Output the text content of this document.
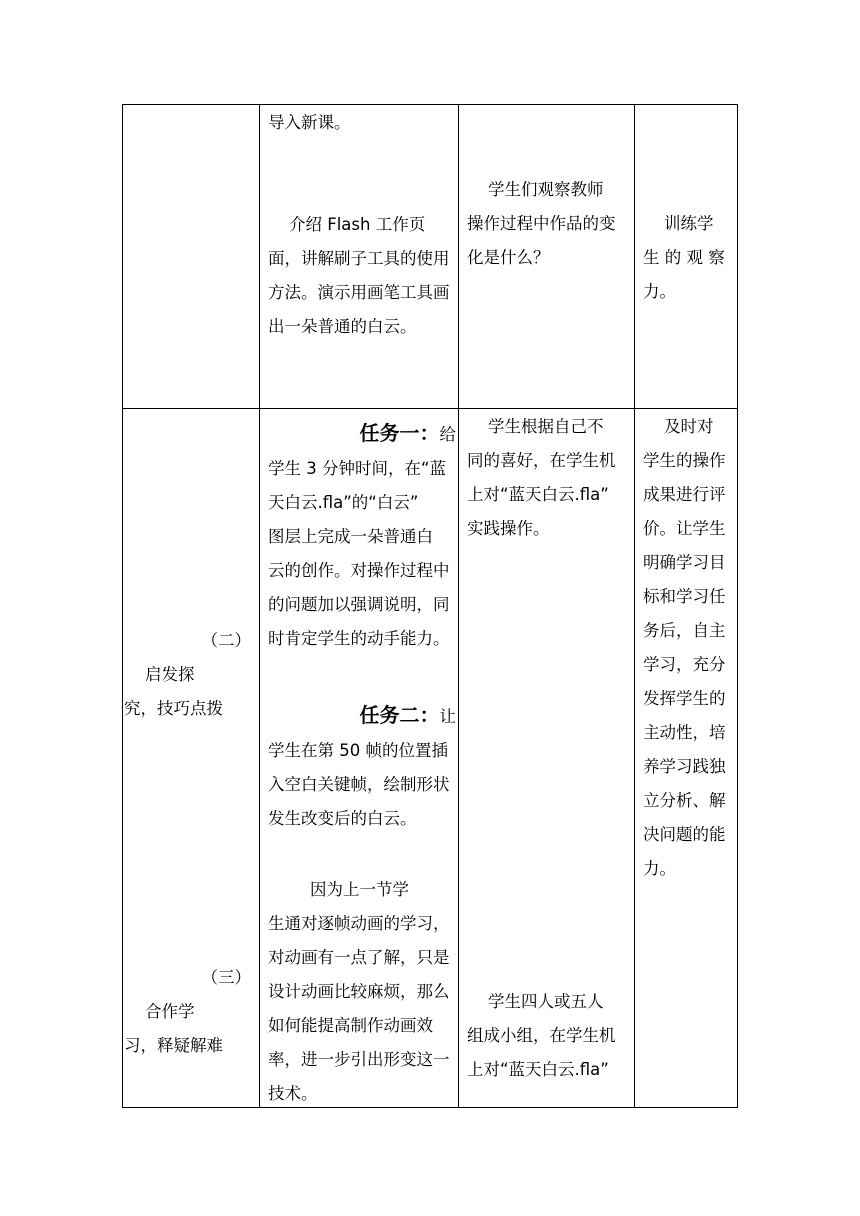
导入新课。

介绍 Flash 工作页

面，讲解刷子工具的使用

方法。演示用画笔工具画

出一朵普通的白云。

学生们观察教师

操作过程中作品的变

化是什么？

训练学

生 的 观 察

力。

（二）

启发探

究，技巧点拨

（三）

合作学

习，释疑解难

任务一：给

学生 3 分钟时间，在“蓝

天白云.fla”的“白云”

图层上完成一朵普通白

云的创作。对操作过程中

的问题加以强调说明，同

时肯定学生的动手能力。

任务二：让

学生在第 50 帧的位置插

入空白关键帧，绘制形状

发生改变后的白云。

因为上一节学

生通对逐帧动画的学习，

对动画有一点了解，只是

设计动画比较麻烦，那么

如何能提高制作动画效

率，进一步引出形变这一

技术。

学生根据自己不

同的喜好，在学生机

上对“蓝天白云.fla”

实践操作。

学生四人或五人

组成小组，在学生机

上对“蓝天白云.fla”

及时对

学生的操作

成果进行评

价。让学生

明确学习目

标和学习任

务后，自主

学习，充分

发挥学生的

主动性，培

养学习践独

立分析、解

决问题的能

力。
